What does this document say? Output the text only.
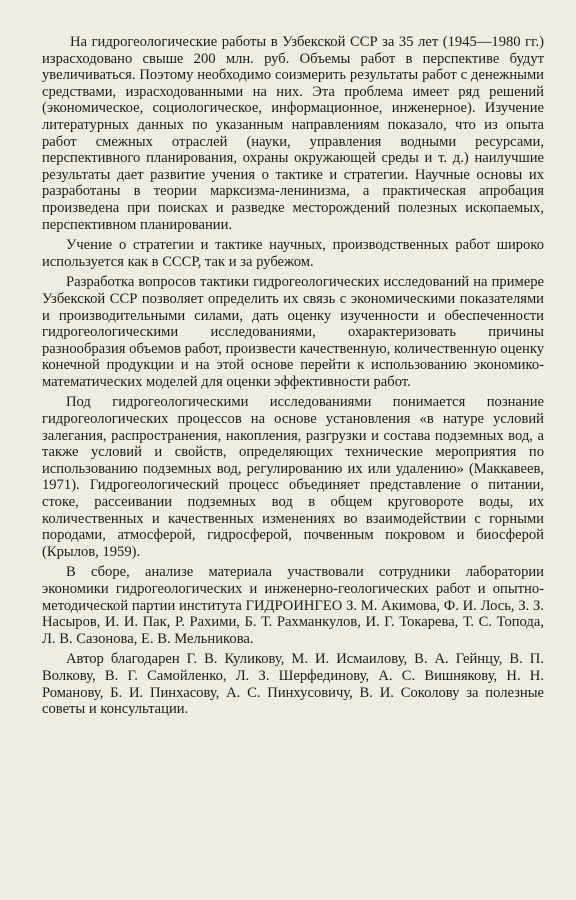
На гидрогеологические работы в Узбекской ССР за 35 лет (1945—1980 гг.) израсходовано свыше 200 млн. руб. Объемы работ в перспективе будут увеличиваться. Поэтому необходимо соизмерить результаты работ с денежными средствами, израсходованными на них. Эта проблема имеет ряд решений (экономическое, социологическое, информационное, инженерное). Изучение литературных данных по указанным направлениям показало, что из опыта работ смежных отраслей (науки, управления водными ресурсами, перспективного планирования, охраны окружающей среды и т. д.) наилучшие результаты дает развитие учения о тактике и стратегии. Научные основы их разработаны в теории марксизма-ленинизма, а практическая апробация произведена при поисках и разведке месторождений полезных ископаемых, перспективном планировании.

Учение о стратегии и тактике научных, производственных работ широко используется как в СССР, так и за рубежом.

Разработка вопросов тактики гидрогеологических исследований на примере Узбекской ССР позволяет определить их связь с экономическими показателями и производительными силами, дать оценку изученности и обеспеченности гидрогеологическими исследованиями, охарактеризовать причины разнообразия объемов работ, произвести качественную, количественную оценку конечной продукции и на этой основе перейти к использованию экономико-математических моделей для оценки эффективности работ.

Под гидрогеологическими исследованиями понимается познание гидрогеологических процессов на основе установления «в натуре условий залегания, распространения, накопления, разгрузки и состава подземных вод, а также условий и свойств, определяющих технические мероприятия по использованию подземных вод, регулированию их или удалению» (Маккавеев, 1971). Гидрогеологический процесс объединяет представление о питании, стоке, рассеивании подземных вод в общем круговороте воды, их количественных и качественных изменениях во взаимодействии с горными породами, атмосферой, гидросферой, почвенным покровом и биосферой (Крылов, 1959).

В сборе, анализе материала участвовали сотрудники лаборатории экономики гидрогеологических и инженерно-геологических работ и опытно-методической партии института ГИДРОИНГЕО З. М. Акимова, Ф. И. Лось, З. З. Насыров, И. И. Пак, Р. Рахими, Б. Т. Рахманкулов, И. Г. Токарева, Т. С. Топода, Л. В. Сазонова, Е. В. Мельникова.

Автор благодарен Г. В. Куликову, М. И. Исмаилову, В. А. Гейнцу, В. П. Волкову, В. Г. Самойленко, Л. З. Шерфединову, А. С. Вишнякову, Н. Н. Романову, Б. И. Пинхасову, А. С. Пинхусовичу, В. И. Соколову за полезные советы и консультации.
